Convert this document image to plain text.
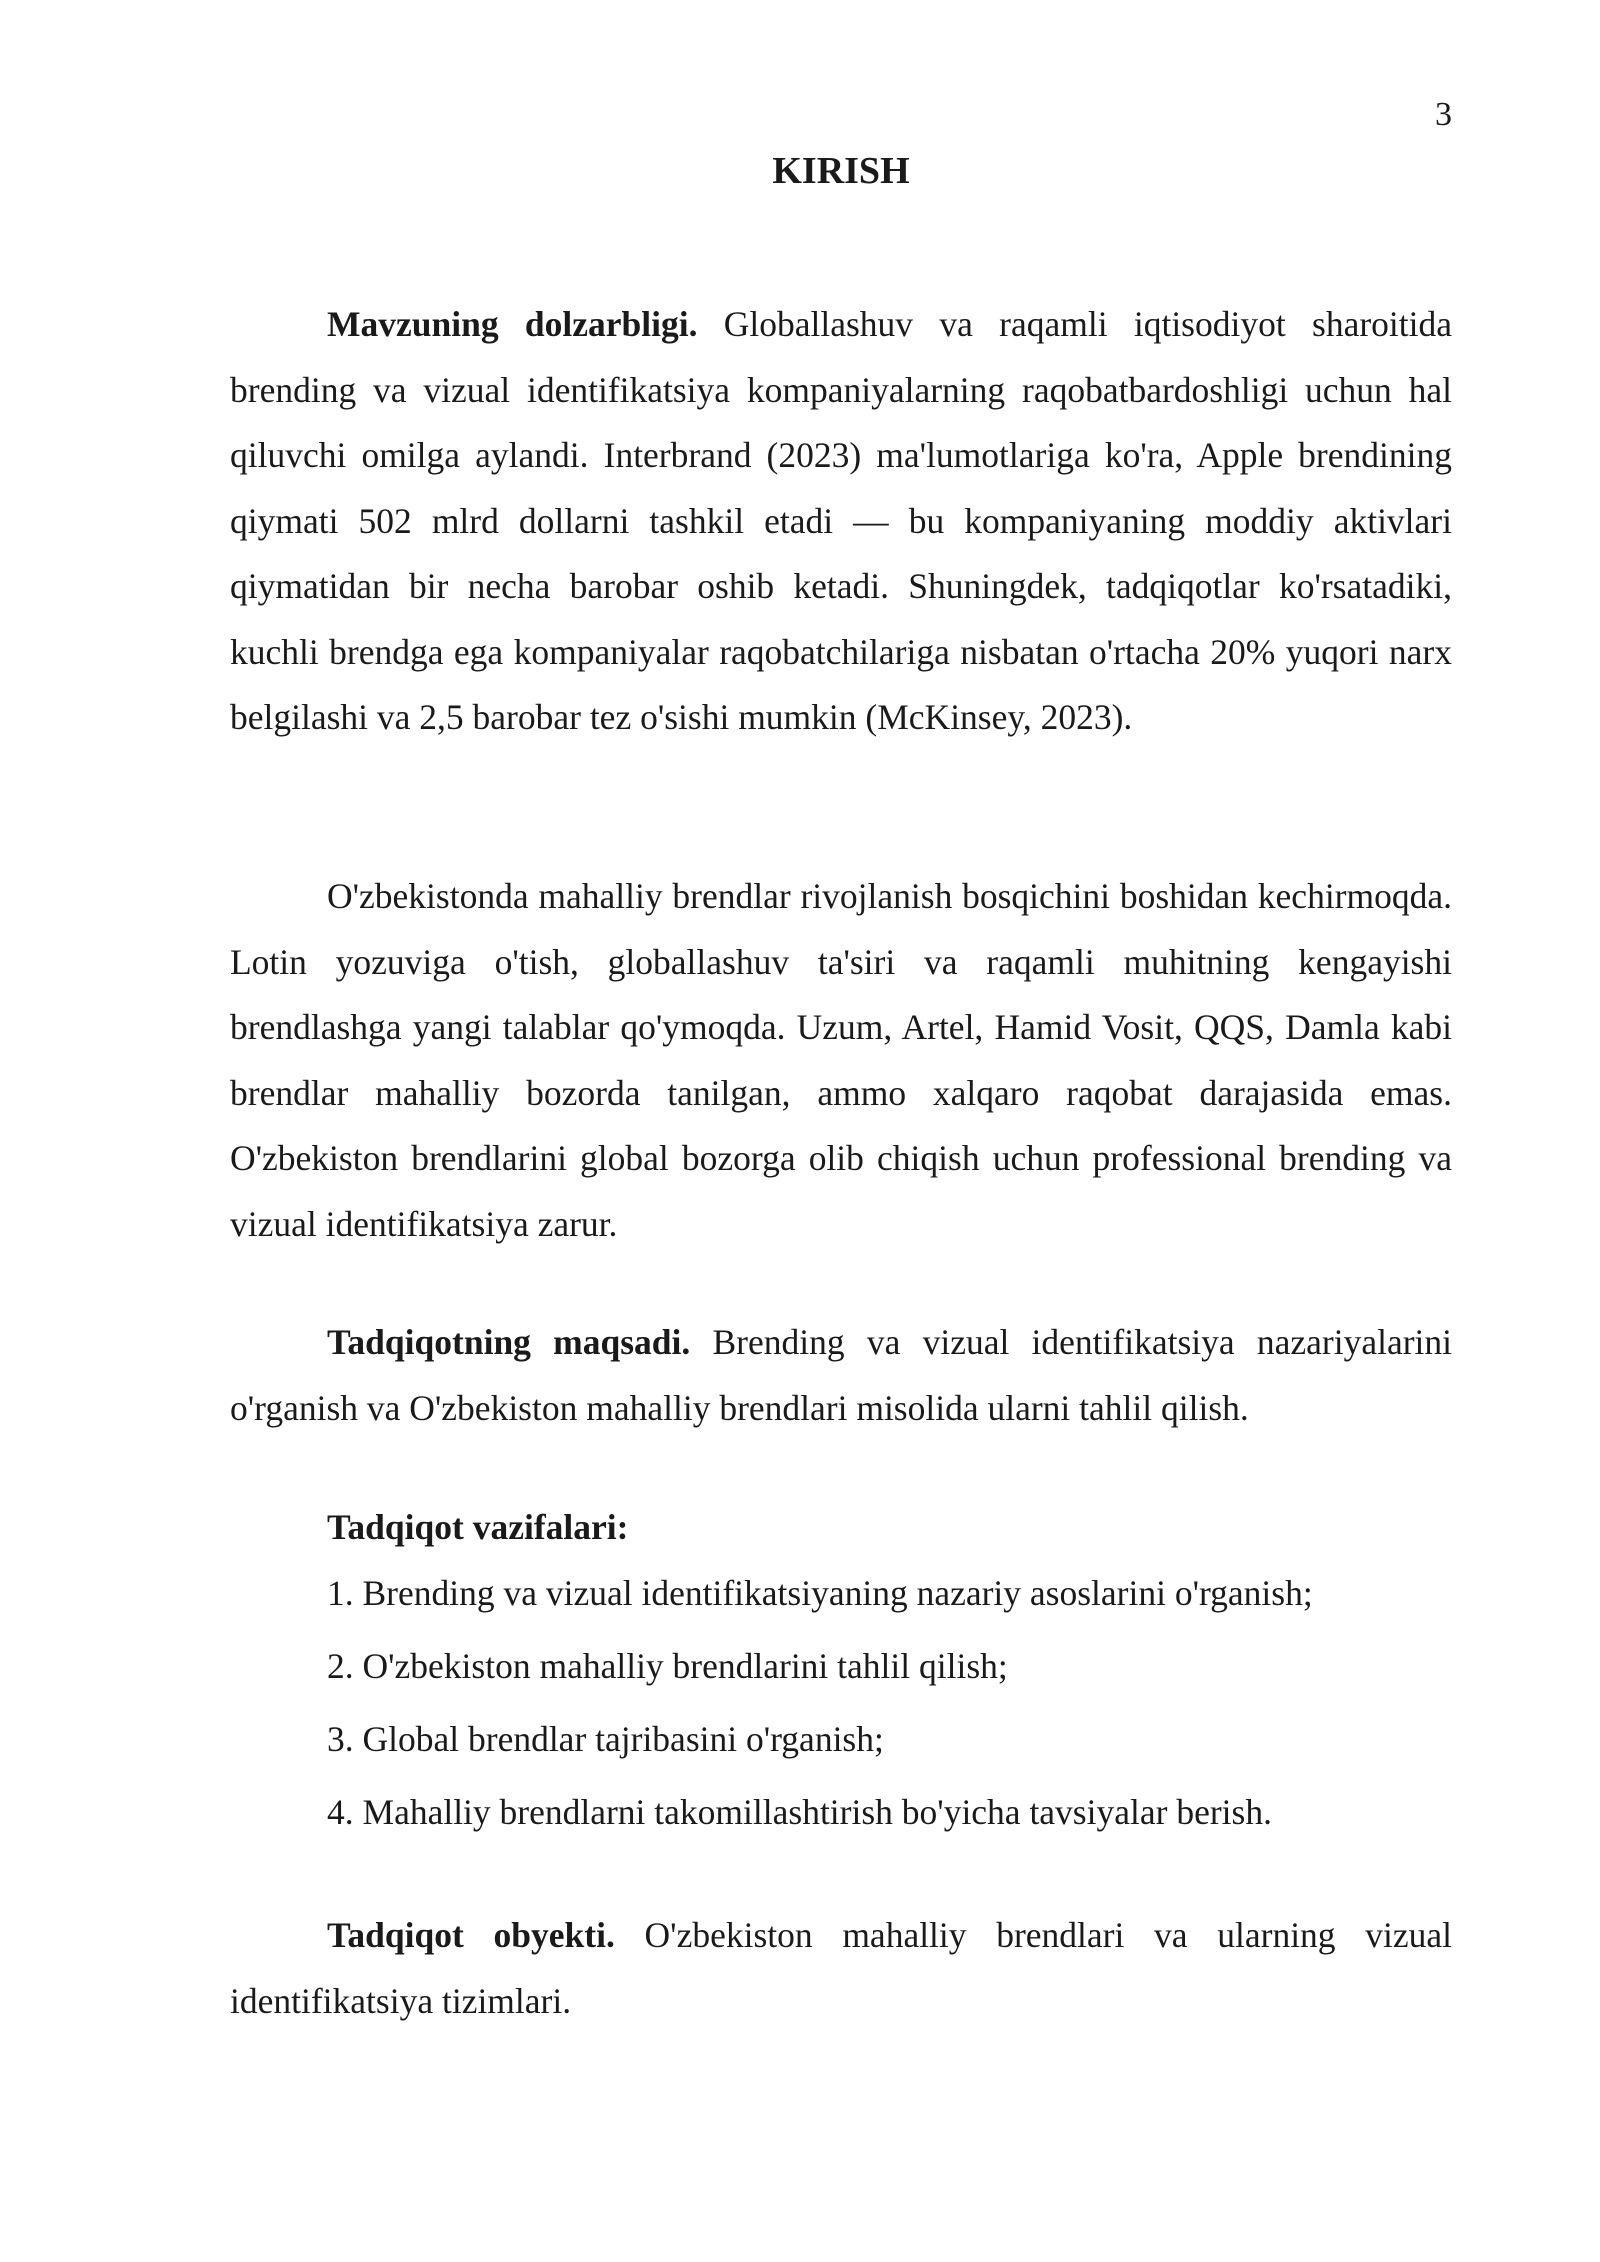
3
KIRISH

Mavzuning dolzarbligi. Globallashuv va raqamli iqtisodiyot sharoitida brending va vizual identifikatsiya kompaniyalarning raqobatbardoshligi uchun hal qiluvchi omilga aylandi. Interbrand (2023) ma'lumotlariga ko'ra, Apple brendining qiymati 502 mlrd dollarni tashkil etadi — bu kompaniyaning moddiy aktivlari qiymatidan bir necha barobar oshib ketadi. Shuningdek, tadqiqotlar ko'rsatadiki, kuchli brendga ega kompaniyalar raqobatchilariga nisbatan o'rtacha 20% yuqori narx belgilashi va 2,5 barobar tez o'sishi mumkin (McKinsey, 2023).

O'zbekistonda mahalliy brendlar rivojlanish bosqichini boshidan kechirmoqda. Lotin yozuviga o'tish, globallashuv ta'siri va raqamli muhitning kengayishi brendlashga yangi talablar qo'ymoqda. Uzum, Artel, Hamid Vosit, QQS, Damla kabi brendlar mahalliy bozorda tanilgan, ammo xalqaro raqobat darajasida emas. O'zbekiston brendlarini global bozorga olib chiqish uchun professional brending va vizual identifikatsiya zarur.

Tadqiqotning maqsadi. Brending va vizual identifikatsiya nazariyalarini o'rganish va O'zbekiston mahalliy brendlari misolida ularni tahlil qilish.

Tadqiqot vazifalari:
1. Brending va vizual identifikatsiyaning nazariy asoslarini o'rganish;
2. O'zbekiston mahalliy brendlarini tahlil qilish;
3. Global brendlar tajribasini o'rganish;
4. Mahalliy brendlarni takomillashtirish bo'yicha tavsiyalar berish.

Tadqiqot obyekti. O'zbekiston mahalliy brendlari va ularning vizual identifikatsiya tizimlari.
